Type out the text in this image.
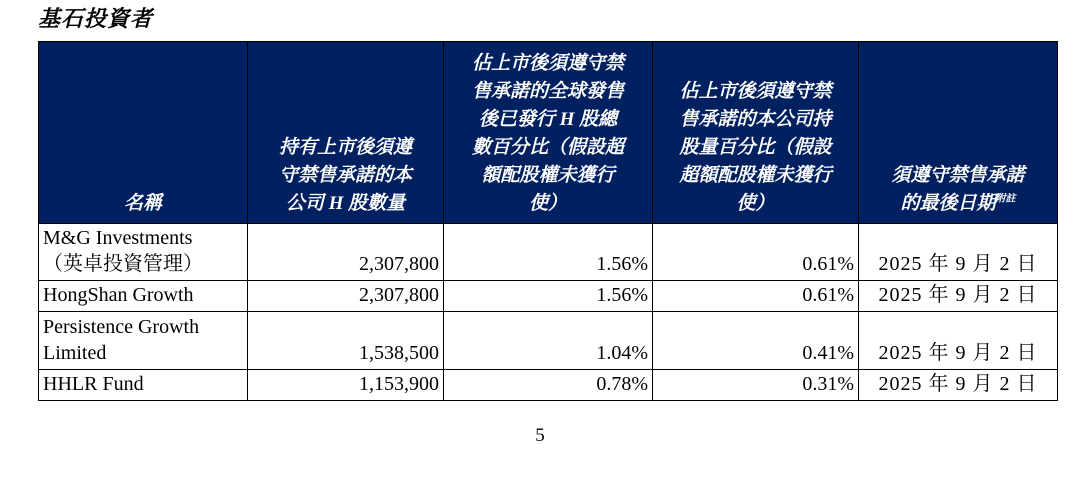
基石投資者
名稱	持有上市後須遵
守禁售承諾的本
公司 H 股數量	佔上市後須遵守禁
售承諾的全球發售
後已發行 H 股總
數百分比（假設超
額配股權未獲行
使）	佔上市後須遵守禁
售承諾的本公司持
股量百分比（假設
超額配股權未獲行
使）	須遵守禁售承諾
的最後日期$^{附註}$
M&G Investments
（英卓投資管理）	2,307,800	1.56%	0.61%	2025 年 9 月 2 日
HongShan Growth	2,307,800	1.56%	0.61%	2025 年 9 月 2 日
Persistence Growth
Limited	1,538,500	1.04%	0.41%	2025 年 9 月 2 日
HHLR Fund	1,153,900	0.78%	0.31%	2025 年 9 月 2 日
5
